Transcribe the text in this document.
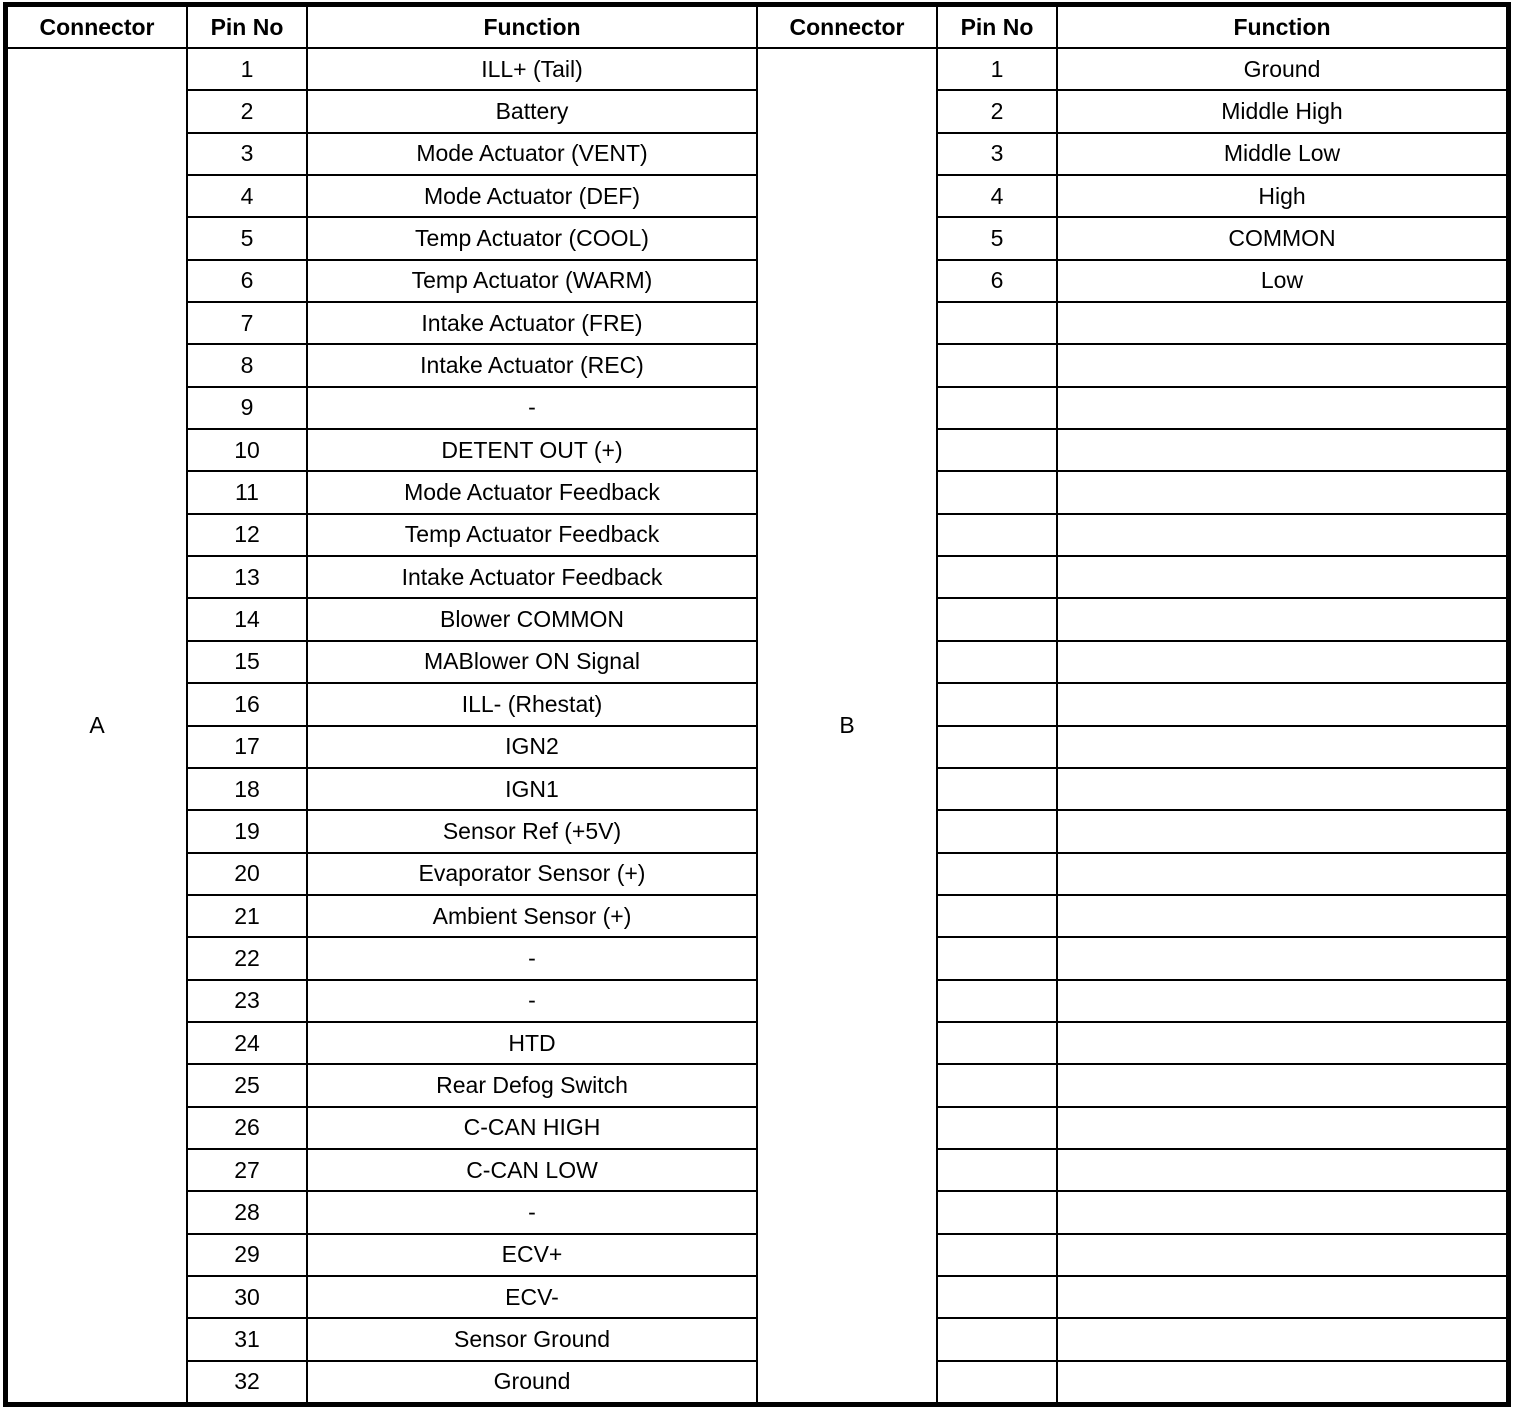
Connector	Pin No	Function	Connector	Pin No	Function
A	1	ILL+ (Tail)	B	1	Ground
	2	Battery		2	Middle High
	3	Mode Actuator (VENT)		3	Middle Low
	4	Mode Actuator (DEF)		4	High
	5	Temp Actuator (COOL)		5	COMMON
	6	Temp Actuator (WARM)		6	Low
	7	Intake Actuator (FRE)			
	8	Intake Actuator (REC)			
	9	-			
	10	DETENT OUT (+)			
	11	Mode Actuator Feedback			
	12	Temp Actuator Feedback			
	13	Intake Actuator Feedback			
	14	Blower COMMON			
	15	MABlower ON Signal			
	16	ILL- (Rhestat)			
	17	IGN2			
	18	IGN1			
	19	Sensor Ref (+5V)			
	20	Evaporator Sensor (+)			
	21	Ambient Sensor (+)			
	22	-			
	23	-			
	24	HTD			
	25	Rear Defog Switch			
	26	C-CAN HIGH			
	27	C-CAN LOW			
	28	-			
	29	ECV+			
	30	ECV-			
	31	Sensor Ground			
	32	Ground			
